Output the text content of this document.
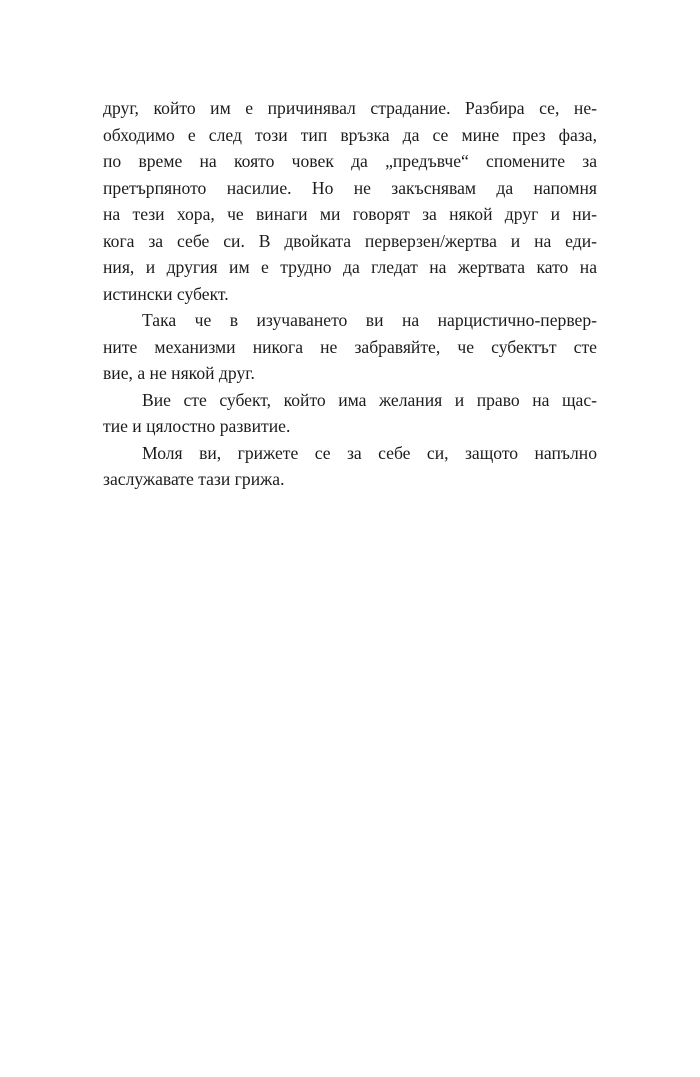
друг, който им е причинявал страдание. Разбира се, не-
обходимо е след този тип връзка да се мине през фаза,
по време на която човек да „предъвче“ спомените за
претърпяното насилие. Но не закъснявам да напомня
на тези хора, че винаги ми говорят за някой друг и ни-
кога за себе си. В двойката перверзен/жертва и на еди-
ния, и другия им е трудно да гледат на жертвата като на
истински субект.
Така че в изучаването ви на нарцистично-первер-
ните механизми никога не забравяйте, че субектът сте
вие, а не някой друг.
Вие сте субект, който има желания и право на щас-
тие и цялостно развитие.
Моля ви, грижете се за себе си, защото напълно
заслужавате тази грижа.
